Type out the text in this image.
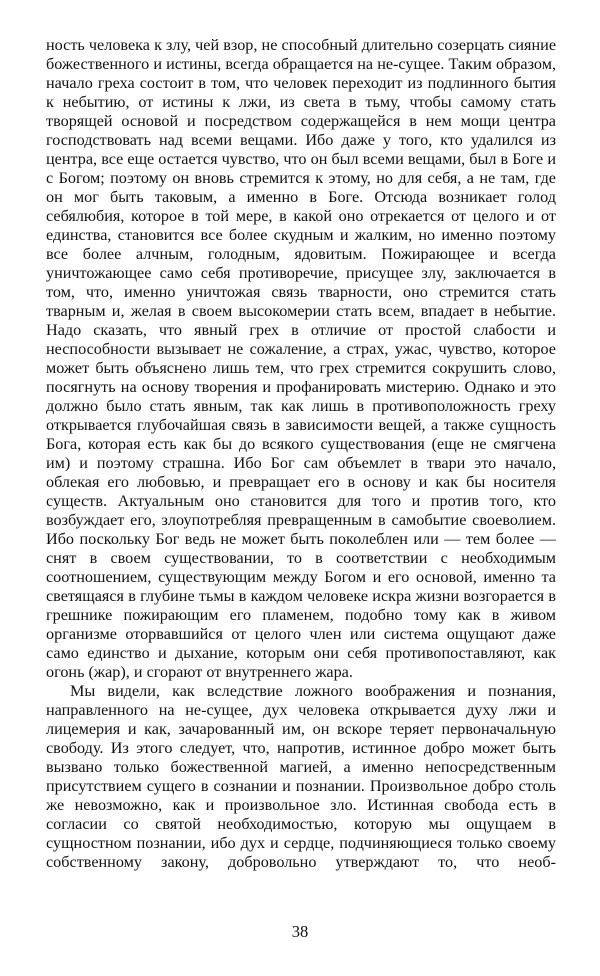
ность человека к злу, чей взор, не способный длительно созерцать сияние божественного и истины, всегда обращается на не-сущее. Таким образом, начало греха состоит в том, что человек переходит из подлинного бытия к небытию, от истины к лжи, из света в тьму, чтобы самому стать творящей основой и посредством содержащейся в нем мощи центра господствовать над всеми вещами. Ибо даже у того, кто удалился из центра, все еще остается чувство, что он был всеми вещами, был в Боге и с Богом; поэтому он вновь стремится к этому, но для себя, а не там, где он мог быть таковым, а именно в Боге. Отсюда возникает голод себялюбия, которое в той мере, в какой оно отрекается от целого и от единства, становится все более скудным и жалким, но именно поэтому все более алчным, голодным, ядовитым. Пожирающее и всегда уничтожающее само себя противоречие, присущее злу, заключается в том, что, именно уничтожая связь тварности, оно стремится стать тварным и, желая в своем высокомерии стать всем, впадает в небытие. Надо сказать, что явный грех в отличие от простой слабости и неспособности вызывает не сожаление, а страх, ужас, чувство, которое может быть объяснено лишь тем, что грех стремится сокрушить слово, посягнуть на основу творения и профанировать мистерию. Однако и это должно было стать явным, так как лишь в противоположность греху открывается глубочайшая связь в зависимости вещей, а также сущность Бога, которая есть как бы до всякого существования (еще не смягчена им) и поэтому страшна. Ибо Бог сам объемлет в твари это начало, облекая его любовью, и превращает его в основу и как бы носителя существ. Актуальным оно становится для того и против того, кто возбуждает его, злоупотребляя превращенным в самобытие своеволием. Ибо поскольку Бог ведь не может быть поколеблен или — тем более — снят в своем существовании, то в соответствии с необходимым соотношением, существующим между Богом и его основой, именно та светящаяся в глубине тьмы в каждом человеке искра жизни возгорается в грешнике пожирающим его пламенем, подобно тому как в живом организме оторвавшийся от целого член или система ощущают даже само единство и дыхание, которым они себя противопоставляют, как огонь (жар), и сгорают от внутреннего жара.

Мы видели, как вследствие ложного воображения и познания, направленного на не-сущее, дух человека открывается духу лжи и лицемерия и как, зачарованный им, он вскоре теряет первоначальную свободу. Из этого следует, что, напротив, истинное добро может быть вызвано только божественной магией, а именно непосредственным присутствием сущего в сознании и познании. Произвольное добро столь же невозможно, как и произвольное зло. Истинная свобода есть в согласии со святой необходимостью, которую мы ощущаем в сущностном познании, ибо дух и сердце, подчиняющиеся только своему собственному закону, добровольно утверждают то, что необ-

38
